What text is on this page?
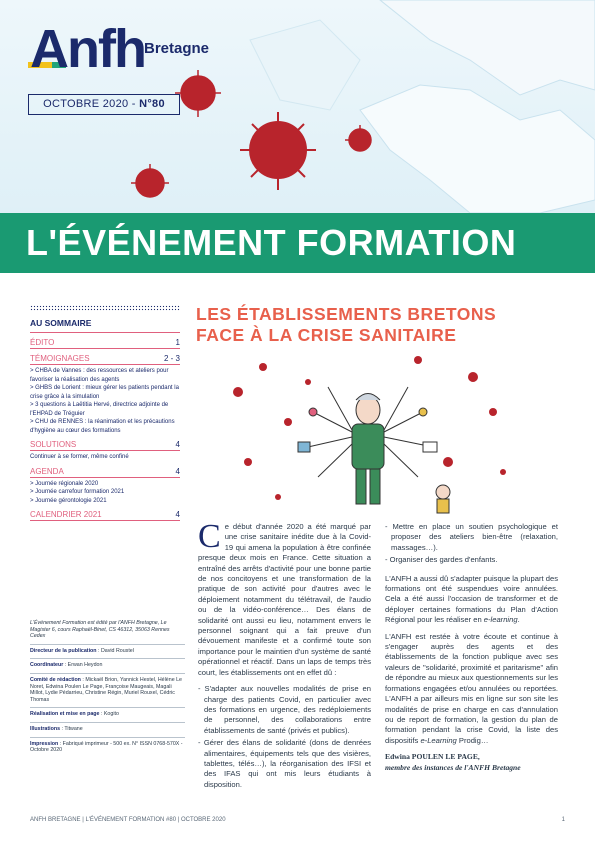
Anfh Bretagne
OCTOBRE 2020 - N°80
L'ÉVÉNEMENT FORMATION
AU SOMMAIRE
ÉDITO	1
TÉMOIGNAGES	2 - 3
> CHBA de Vannes : des ressources et ateliers pour favoriser la réalisation des agents
> GHBS de Lorient : mieux gérer les patients pendant la crise grâce à la simulation
> 3 questions à Laëtitia Hervé, directrice adjointe de l'EHPAD de Tréguier
> CHU de RENNES : la réanimation et les précautions d'hygiène au cœur des formations
SOLUTIONS	4
Continuer à se former, même confiné
AGENDA	4
> Journée régionale 2020
> Journée carrefour formation 2021
> Journée gérontologie 2021
CALENDRIER 2021	4
L'Événement Formation est édité par l'ANFH Bretagne, Le Magister 6, cours Raphaël-Binet, CS 46312, 35063 Rennes Cedex
Directeur de la publication : David Roustel
Coordinateur : Erwan Heydon
Comité de rédaction : Mickaël Brion, Yannick Hestel, Hélène Le Noret, Edwina Poulen Le Page, Françoise Maugeais, Magali Millot, Lydie Pédarrieu, Christine Régin, Muriel Rouxel, Cédric Thomas
Réalisation et mise en page : Kogito
Illustrations : Titwane
Impression : Fabriqué imprimeur - 500 ex. N° ISSN 0768-570X - Octobre 2020
LES ÉTABLISSEMENTS BRETONS
FACE À LA CRISE SANITAIRE

Ce début d'année 2020 a été marqué par une crise sanitaire inédite due à la Covid-19 qui amena la population à être confinée presque deux mois en France. Cette situation a entraîné des arrêts d'activité pour une bonne partie de nos concitoyens et une transformation de la pratique de son activité pour d'autres avec le déploiement notamment du télétravail, de l'audio ou de la vidéo-conférence… Des élans de solidarité ont aussi eu lieu, notamment envers le personnel soignant qui a fait preuve d'un dévouement manifeste et a confirmé toute son importance pour le maintien d'un système de santé opérationnel et réactif. Dans un laps de temps très court, les établissements ont en effet dû :

- S'adapter aux nouvelles modalités de prise en charge des patients Covid, en particulier avec des formations en urgence, des redéploiements de personnel, des collaborations entre établissements de santé (privés et publics).

- Gérer des élans de solidarité (dons de denrées alimentaires, équipements tels que des visières, tablettes, télés…), la réorganisation des IFSI et des IFAS qui ont mis leurs étudiants à disposition.

- Mettre en place un soutien psychologique et proposer des ateliers bien-être (relaxation, massages…).

- Organiser des gardes d'enfants.

L'ANFH a aussi dû s'adapter puisque la plupart des formations ont été suspendues voire annulées. Cela a été aussi l'occasion de transformer et de déployer certaines formations du Plan d'Action Régional pour les réaliser en e-learning.

L'ANFH est restée à votre écoute et continue à s'engager auprès des agents et des établissements de la fonction publique avec ses valeurs de "solidarité, proximité et paritarisme" afin de répondre au mieux aux questionnements sur les formations engagées et/ou annulées ou reportées. L'ANFH a par ailleurs mis en ligne sur son site les modalités de prise en charge en cas d'annulation ou de report de formation, la gestion du plan de formation pendant la crise Covid, la liste des dispositifs e-Learning Prodig…

Edwina POULEN LE PAGE,
membre des instances de l'ANFH Bretagne
ANFH BRETAGNE | L'ÉVÉNEMENT FORMATION #80 | OCTOBRE 2020	1
